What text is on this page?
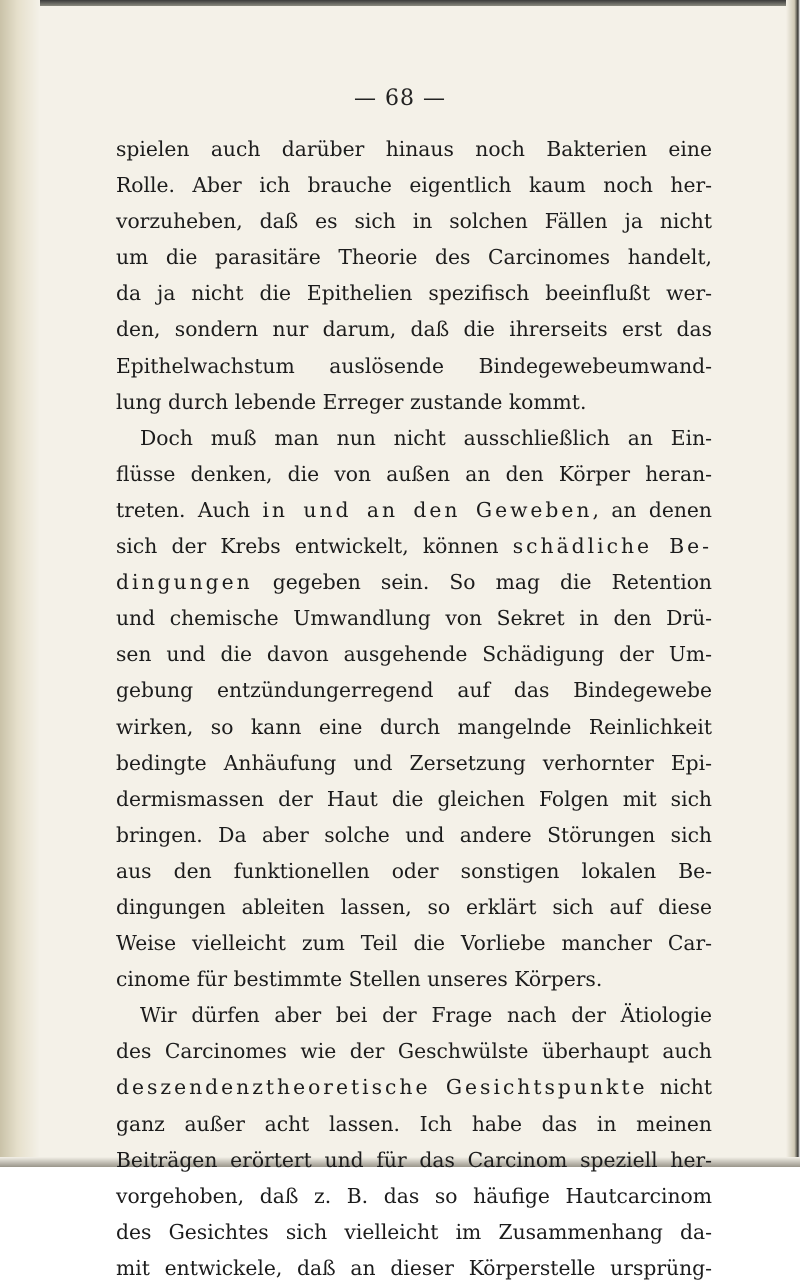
— 68 —
spielen auch darüber hinaus noch Bakterien eine
Rolle. Aber ich brauche eigentlich kaum noch her-
vorzuheben, daß es sich in solchen Fällen ja nicht
um die parasitäre Theorie des Carcinomes handelt,
da ja nicht die Epithelien spezifisch beeinflußt wer-
den, sondern nur darum, daß die ihrerseits erst das
Epithelwachstum auslösende Bindegewebeumwand-
lung durch lebende Erreger zustande kommt.
Doch muß man nun nicht ausschließlich an Ein-
flüsse denken, die von außen an den Körper heran-
treten. Auch in und an den Geweben, an denen
sich der Krebs entwickelt, können schädliche Be-
dingungen gegeben sein. So mag die Retention
und chemische Umwandlung von Sekret in den Drü-
sen und die davon ausgehende Schädigung der Um-
gebung entzündungerregend auf das Bindegewebe
wirken, so kann eine durch mangelnde Reinlichkeit
bedingte Anhäufung und Zersetzung verhornter Epi-
dermismassen der Haut die gleichen Folgen mit sich
bringen. Da aber solche und andere Störungen sich
aus den funktionellen oder sonstigen lokalen Be-
dingungen ableiten lassen, so erklärt sich auf diese
Weise vielleicht zum Teil die Vorliebe mancher Car-
cinome für bestimmte Stellen unseres Körpers.
Wir dürfen aber bei der Frage nach der Ätiologie
des Carcinomes wie der Geschwülste überhaupt auch
deszendenztheoretische Gesichtspunkte nicht
ganz außer acht lassen. Ich habe das in meinen
Beiträgen erörtert und für das Carcinom speziell her-
vorgehoben, daß z. B. das so häufige Hautcarcinom
des Gesichtes sich vielleicht im Zusammenhang da-
mit entwickele, daß an dieser Körperstelle ursprüng-
